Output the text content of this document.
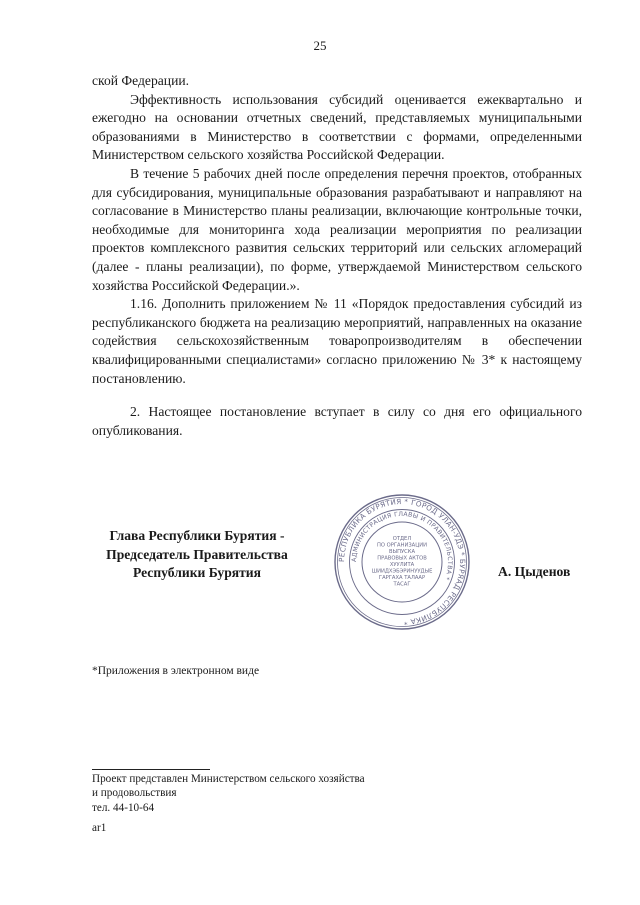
25

ской Федерации.

Эффективность использования субсидий оценивается ежеквартально и ежегодно на основании отчетных сведений, представляемых муниципальными образованиями в Министерство в соответствии с формами, определенными Министерством сельского хозяйства Российской Федерации.

В течение 5 рабочих дней после определения перечня проектов, отобранных для субсидирования, муниципальные образования разрабатывают и направляют на согласование в Министерство планы реализации, включающие контрольные точки, необходимые для мониторинга хода реализации мероприятия по реализации проектов комплексного развития сельских территорий или сельских агломераций (далее - планы реализации), по форме, утверждаемой Министерством сельского хозяйства Российской Федерации.».

1.16. Дополнить приложением № 11 «Порядок предоставления субсидий из республиканского бюджета на реализацию мероприятий, направленных на оказание содействия сельскохозяйственным товаропроизводителям в обеспечении квалифицированными специалистами» согласно приложению № 3* к настоящему постановлению.

2. Настоящее постановление вступает в силу со дня его официального опубликования.

Глава Республики Бурятия -
Председатель Правительства
Республики Бурятия
РЕСПУБЛИКА БУРЯТИЯ * ГОРОД УЛАН-УДЭ * БУРЯАД РЕСПУБЛИКА *
АДМИНИСТРАЦИЯ ГЛАВЫ И ПРАВИТЕЛЬСТВА *
ОТДЕЛ
ПО ОРГАНИЗАЦИИ
ВЫПУСКА
ПРАВОВЫХ АКТОВ
ХУУЛИТА
ШИИДХЭБЭРИНУУДЫЕ
ГАРГАХА ТАЛААР
ТАСАГ
А. Цыденов
*Приложения в электронном виде
Проект представлен Министерством сельского хозяйства
и продовольствия
тел. 44-10-64
ar1
